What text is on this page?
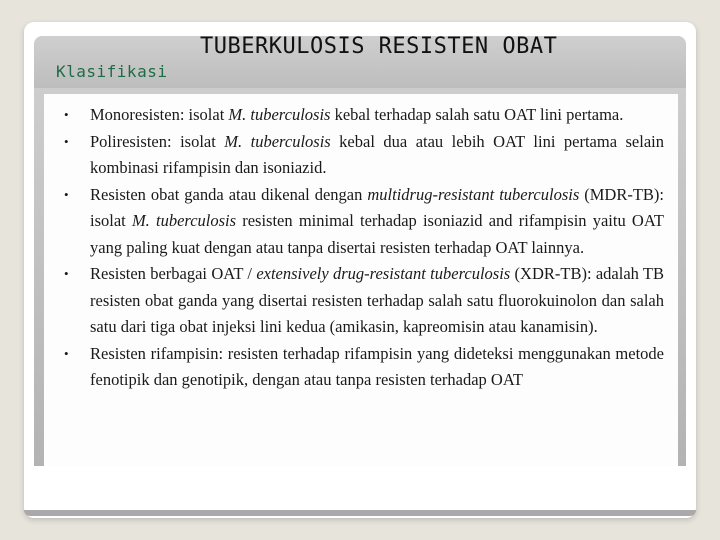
TUBERKULOSIS RESISTEN OBAT
Klasifikasi
• Monoresisten: isolat M. tuberculosis kebal terhadap salah satu OAT lini pertama.
• Poliresisten: isolat M. tuberculosis kebal dua atau lebih OAT lini pertama selain kombinasi rifampisin dan isoniazid.
• Resisten obat ganda atau dikenal dengan multidrug-resistant tuberculosis (MDR-TB): isolat M. tuberculosis resisten minimal terhadap isoniazid and rifampisin yaitu OAT yang paling kuat dengan atau tanpa disertai resisten terhadap OAT lainnya.
• Resisten berbagai OAT / extensively drug-resistant tuberculosis (XDR-TB): adalah TB resisten obat ganda yang disertai resisten terhadap salah satu fluorokuinolon dan salah satu dari tiga obat injeksi lini kedua (amikasin, kapreomisin atau kanamisin).
• Resisten rifampisin: resisten terhadap rifampisin yang dideteksi menggunakan metode fenotipik dan genotipik, dengan atau tanpa resisten terhadap OAT
